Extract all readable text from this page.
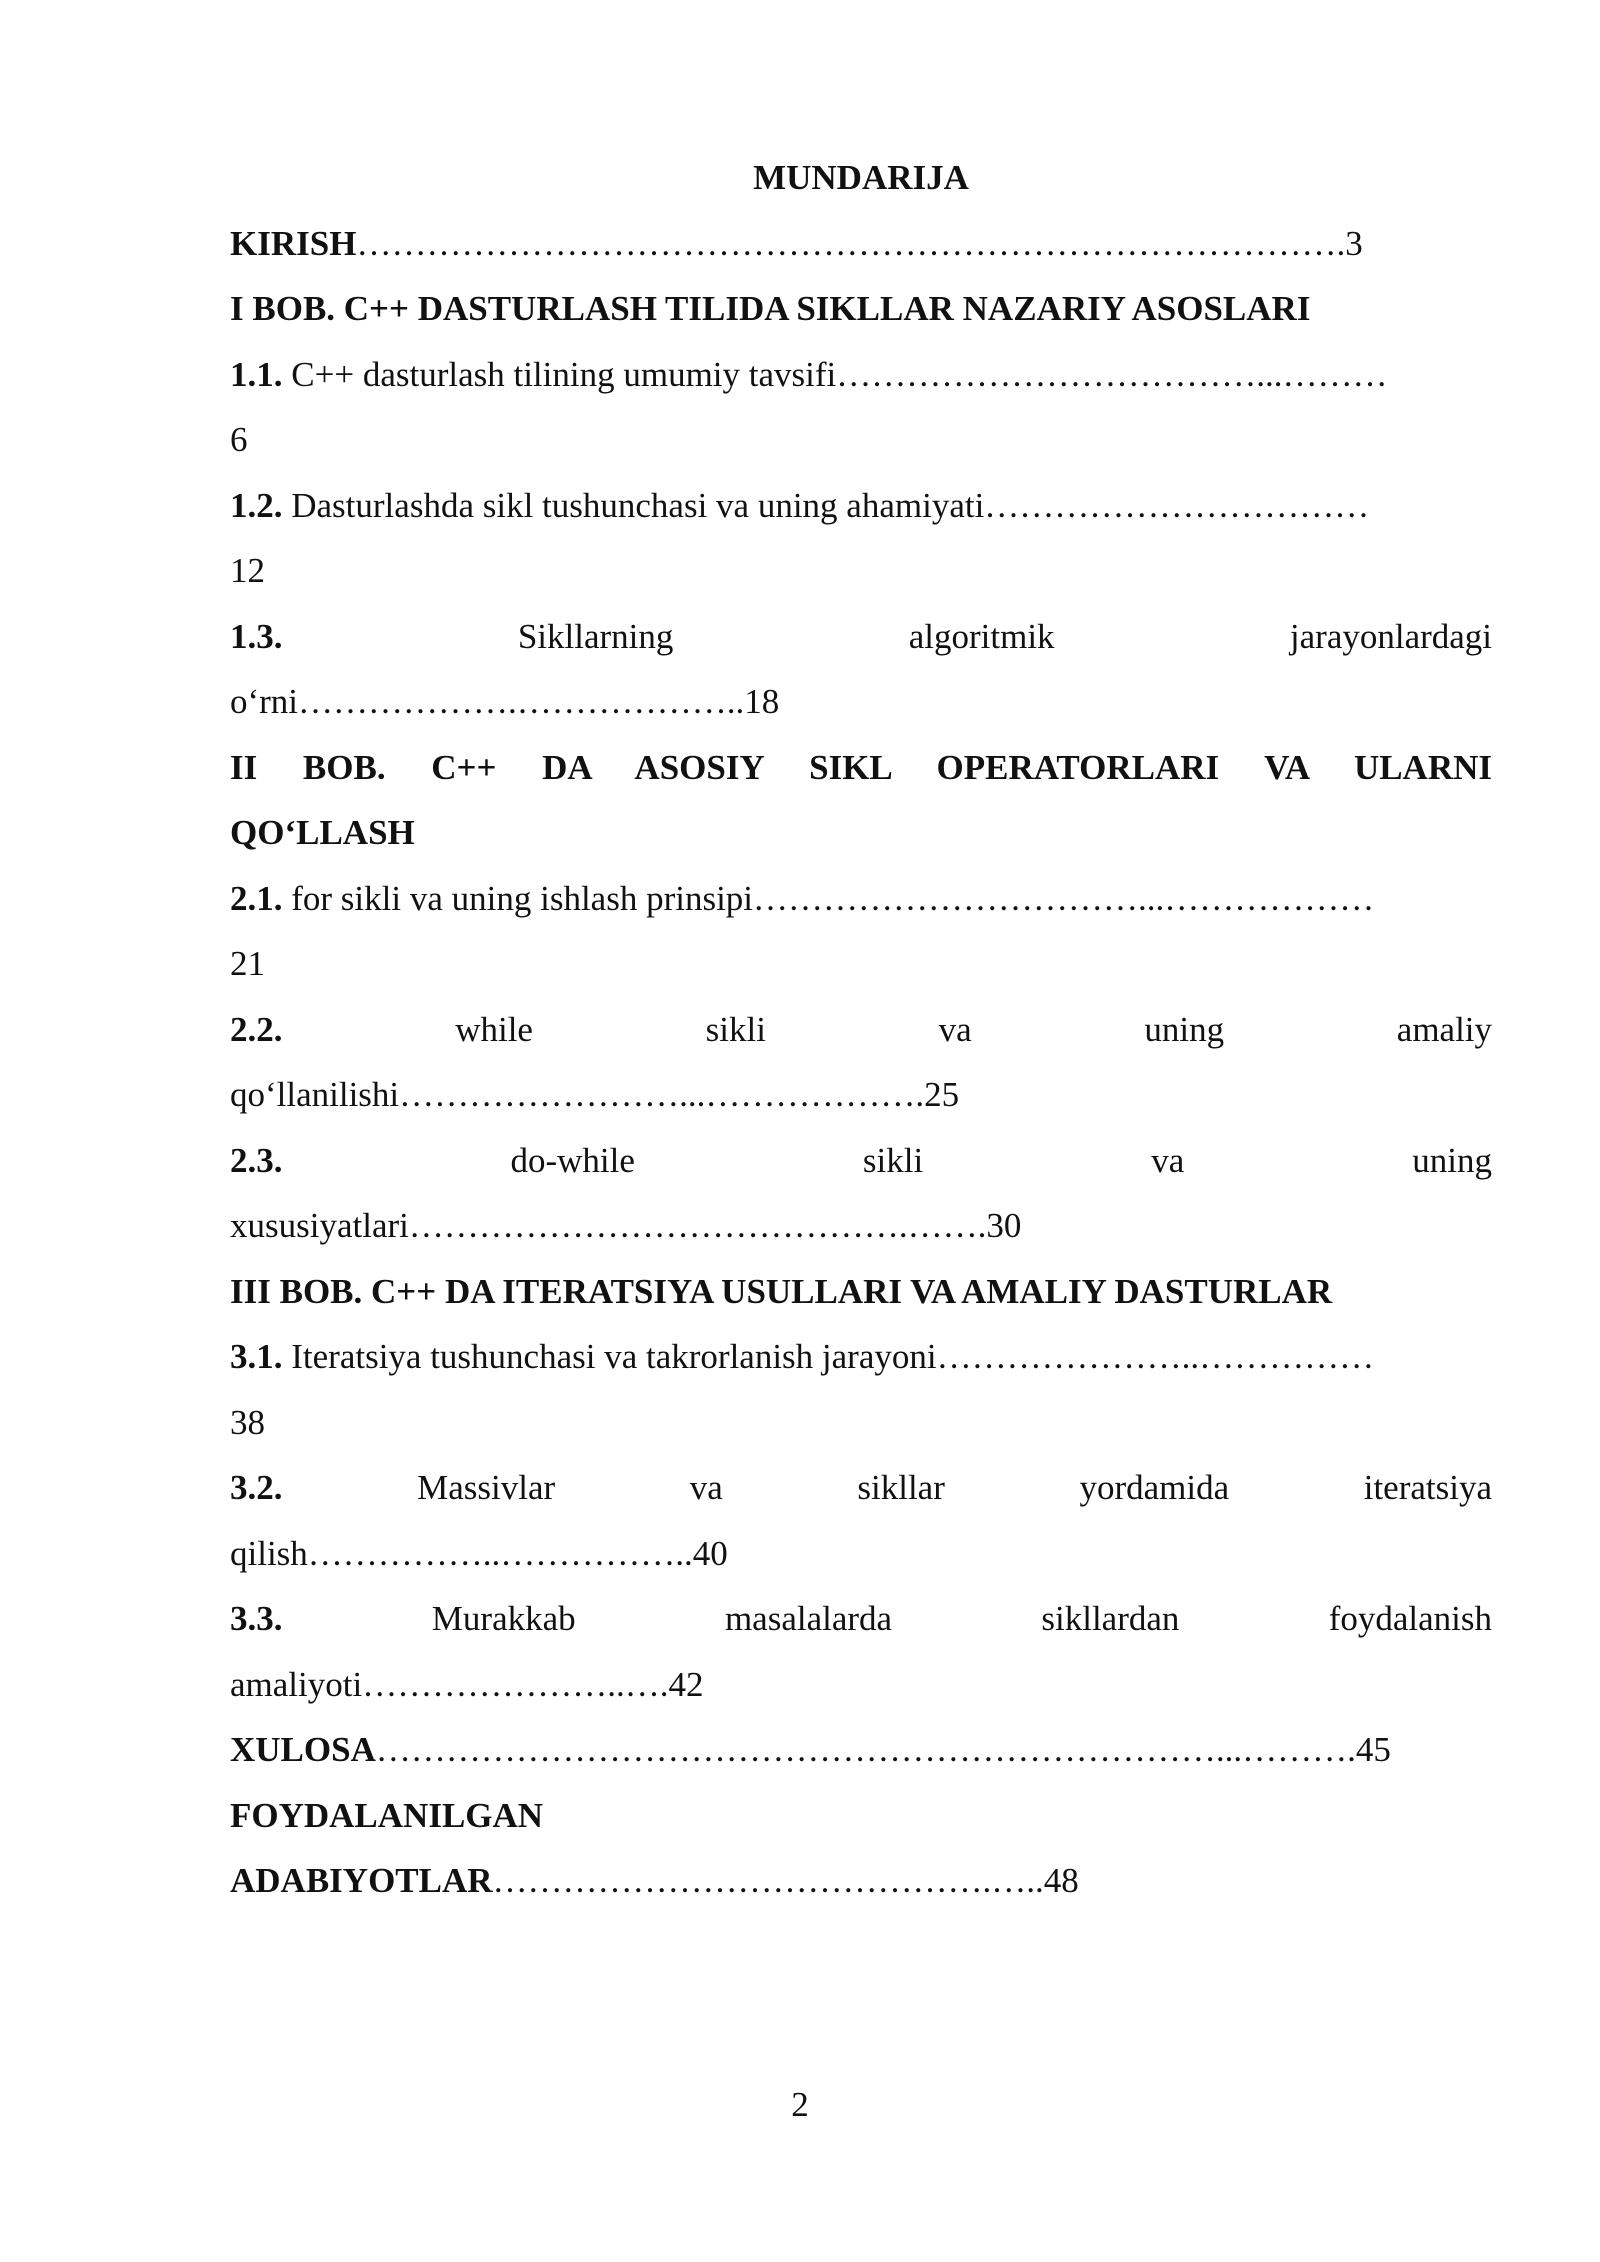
MUNDARIJA
KIRISH………………………………………………………………………….3
I BOB. C++ DASTURLASH TILIDA SIKLLAR NAZARIY ASOSLARI
1.1. C++ dasturlash tilining umumiy tavsifi………………………………...………
6
1.2. Dasturlashda sikl tushunchasi va uning ahamiyati……………………………
12
1.3.	Sikllarning	algoritmik	jarayonlardagi
o‘rni……………….………………..18
II BOB. C++ DA ASOSIY SIKL OPERATORLARI VA ULARNI
QO‘LLASH
2.1. for sikli va uning ishlash prinsipi……………………………...………………
21
2.2.	while	sikli	va	uning	amaliy
qo‘llanilishi……………………...……………….25
2.3.	do-while	sikli	va	uning
xususiyatlari…………………………………….…….30
III BOB. C++ DA ITERATSIYA USULLARI VA AMALIY DASTURLAR
3.1. Iteratsiya tushunchasi va takrorlanish jarayoni…………………..……………
38
3.2.	Massivlar	va	sikllar	yordamida	iteratsiya
qilish……………..……………..40
3.3.	Murakkab	masalalarda	sikllardan	foydalanish
amaliyoti…………………..….42
XULOSA………………………………………………………………...……….45
FOYDALANILGAN
ADABIYOTLAR…………………………………….…..48
2
